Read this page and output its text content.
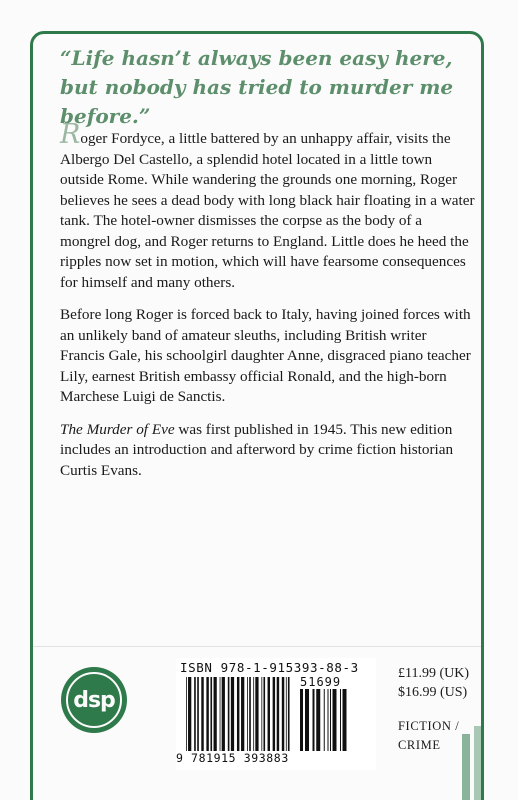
“Life hasn’t always been easy here, but nobody has tried to murder me before.”

Roger Fordyce, a little battered by an unhappy affair, visits the Albergo Del Castello, a splendid hotel located in a little town outside Rome. While wandering the grounds one morning, Roger believes he sees a dead body with long black hair floating in a water tank. The hotel-owner dismisses the corpse as the body of a mongrel dog, and Roger returns to England. Little does he heed the ripples now set in motion, which will have fearsome consequences for himself and many others.

Before long Roger is forced back to Italy, having joined forces with an unlikely band of amateur sleuths, including British writer Francis Gale, his schoolgirl daughter Anne, disgraced piano teacher Lily, earnest British embassy official Ronald, and the high-born Marchese Luigi de Sanctis.

The Murder of Eve was first published in 1945. This new edition includes an introduction and afterword by crime fiction historian Curtis Evans.

dsp
ISBN 978-1-915393-88-3
51699
9 781915 393883
£11.99 (UK)
$16.99 (US)
FICTION /
CRIME
